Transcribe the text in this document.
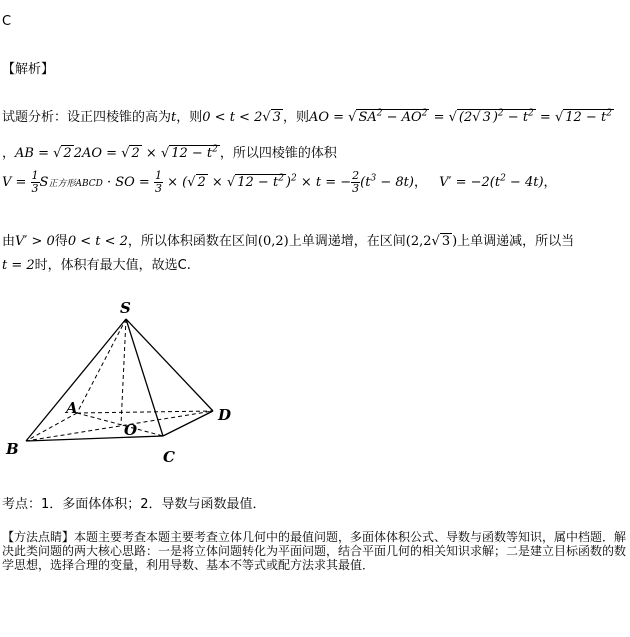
C
【解析】
试题分析：设正四棱锥的高为t，则0 < t < 2√ 3 ，则AO = √ $SA^2 - AO^2$ = √ (2√ 3 )$^2 - t^2$ = √ $12 - t^2$
，AB = √ 2 2AO = √ 2 × √ $12 - t^2$ ，所以四棱锥的体积
$V = \frac{1}{3}$ S正方形ABCD · SO = $\frac{1}{3}$ × (√ 2 × √ $12 - t^2$ )$^2$ × t = − $\frac{2}{3} (t^3 - 8t)$， $V' = -2(t^2 - 4t)$，
由V′ > 0得0 < t < 2，所以体积函数在区间(0,2)上单调递增，在区间(2,2√ 3 )上单调递减，所以当
t = 2时，体积有最大值，故选C.
S
A	D
O
B	C
考点：1．多面体体积；2．导数与函数最值．
【方法点睛】本题主要考查本题主要考查立体几何中的最值问题，多面体体积公式、导数与函数等知识，属中档题．解决此类问题的两大核心思路：一是将立体问题转化为平面问题，结合平面几何的相关知识求解；二是建立目标函数的数学思想，选择合理的变量，利用导数、基本不等式或配方法求其最值．
